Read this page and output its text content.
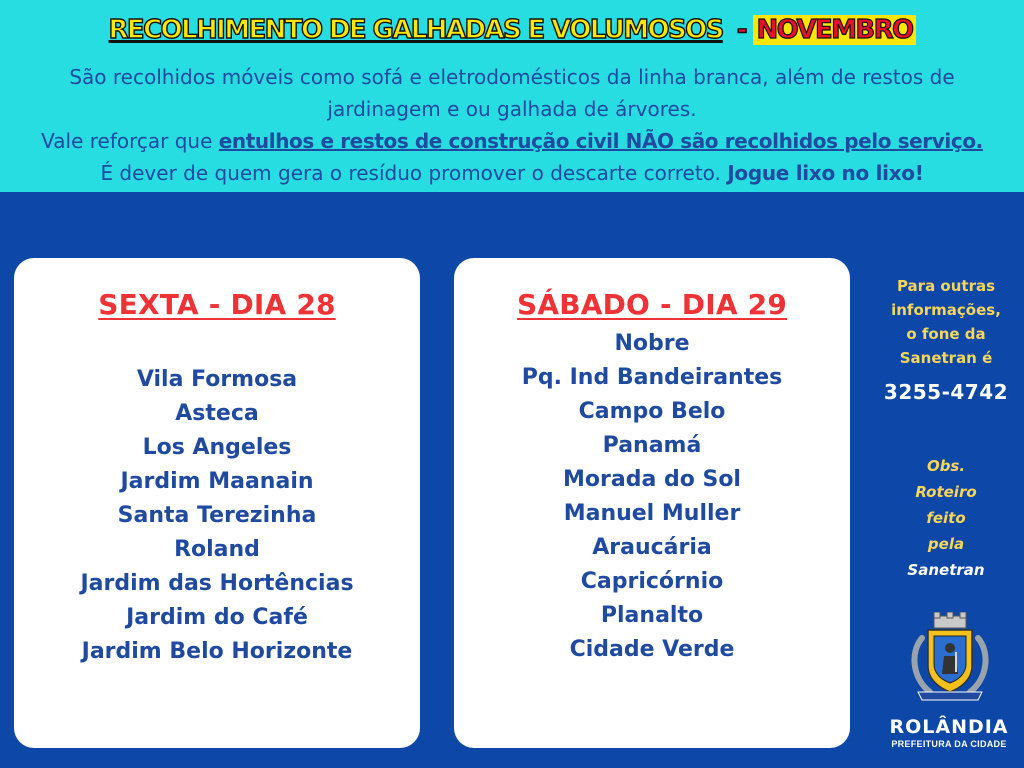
RECOLHIMENTO DE GALHADAS E VOLUMOSOS - NOVEMBRO

São recolhidos móveis como sofá e eletrodomésticos da linha branca, além de restos de

jardinagem e ou galhada de árvores.

Vale reforçar que entulhos e restos de construção civil NÃO são recolhidos pelo serviço.

É dever de quem gera o resíduo promover o descarte correto. Jogue lixo no lixo!

SEXTA - DIA 28
Vila Formosa
Asteca
Los Angeles
Jardim Maanain
Santa Terezinha
Roland
Jardim das Hortências
Jardim do Café
Jardim Belo Horizonte
SÁBADO - DIA 29
Nobre
Pq. Ind Bandeirantes
Campo Belo
Panamá
Morada do Sol
Manuel Muller
Araucária
Capricórnio
Planalto
Cidade Verde
Para outras
informações,
o fone da
Sanetran é
3255-4742
Obs.
Roteiro
feito
pela
Sanetran
ROLÂNDIA
PREFEITURA DA CIDADE
